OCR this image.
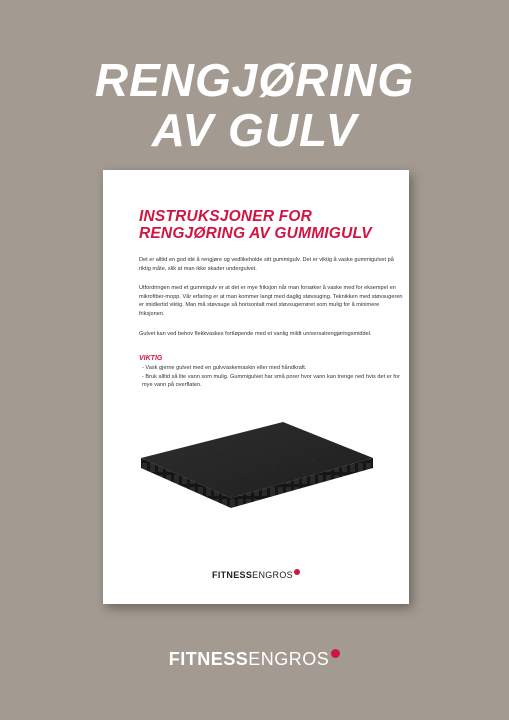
RENGJØRING
AV GULV
INSTRUKSJONER FOR RENGJØRING AV GUMMIGULV
Det er alltid en god idé å rengjøre og vedlikeholde sitt gummigulv. Det er viktig å vaske gummigulvet på riktig måte, slik at man ikke skader undergulvet.
Utfordringen med et gummigulv er at det er mye friksjon når man forsøker å vaske med for eksempel en mikrofiber-mopp. Vår erfaring er at man kommer langt med daglig støvsuging. Teknikken med støvsugeren er imidlertid viktig. Man må støvsuge så horisontalt med støvsugerrøret som mulig for å minimere friksjonen.
Gulvet kan ved behov flekkvaskes fortløpende med et vanlig mildt universalrengjøringsmiddel.
VIKTIG
- Vask gjerne gulvet med en gulvvaskemaskin eller med håndkraft.
- Bruk alltid så lite vann som mulig. Gummigulvet har små porer hvor vann kan trenge ned hvis det er for mye vann på overflaten.
FITNESSENGROS
FITNESSENGROS
